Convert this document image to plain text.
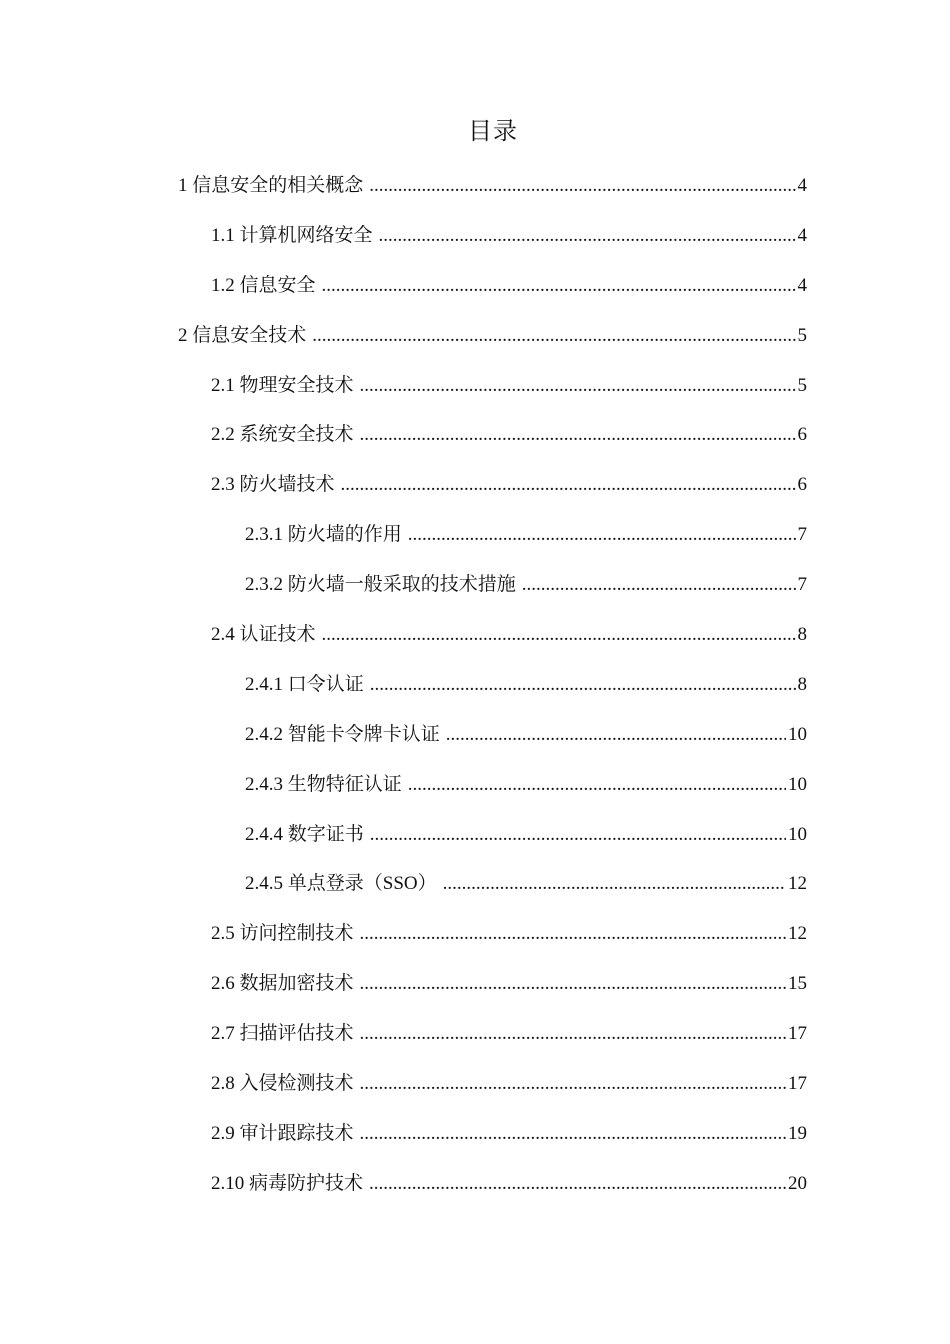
目录
1 信息安全的相关概念 .....	4
1.1 计算机网络安全 .....	4
1.2 信息安全 .....	4
2 信息安全技术 .....	5
2.1 物理安全技术 .....	5
2.2 系统安全技术 .....	6
2.3 防火墙技术 .....	6
2.3.1 防火墙的作用 .....	7
2.3.2 防火墙一般采取的技术措施 .....	7
2.4 认证技术 .....	8
2.4.1 口令认证 .....	8
2.4.2 智能卡令牌卡认证 .....	10
2.4.3 生物特征认证 .....	10
2.4.4 数字证书 .....	10
2.4.5 单点登录（SSO） .....	12
2.5 访问控制技术 .....	12
2.6 数据加密技术 .....	15
2.7 扫描评估技术 .....	17
2.8 入侵检测技术 .....	17
2.9 审计跟踪技术 .....	19
2.10 病毒防护技术 .....	20
